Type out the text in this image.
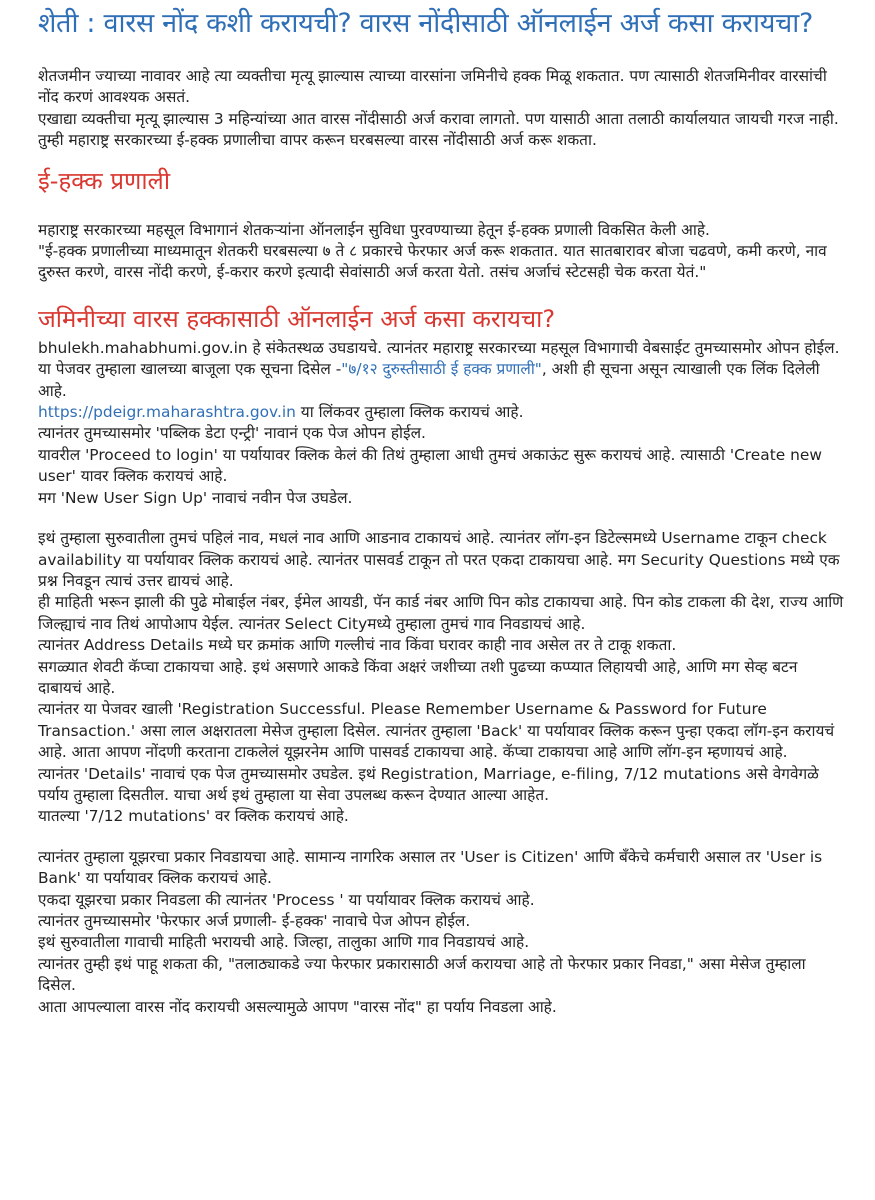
शेती : वारस नोंद कशी करायची? वारस नोंदीसाठी ऑनलाईन अर्ज कसा करायचा?

शेतजमीन ज्याच्या नावावर आहे त्या व्यक्तीचा मृत्यू झाल्यास त्याच्या वारसांना जमिनीचे हक्क मिळू शकतात. पण त्यासाठी शेतजमिनीवर वारसांची नोंद करणं आवश्यक असतं.

एखाद्या व्यक्तीचा मृत्यू झाल्यास 3 महिन्यांच्या आत वारस नोंदीसाठी अर्ज करावा लागतो. पण यासाठी आता तलाठी कार्यालयात जायची गरज नाही.

तुम्ही महाराष्ट्र सरकारच्या ई-हक्क प्रणालीचा वापर करून घरबसल्या वारस नोंदीसाठी अर्ज करू शकता.

ई-हक्क प्रणाली

महाराष्ट्र सरकारच्या महसूल विभागानं शेतकऱ्यांना ऑनलाईन सुविधा पुरवण्याच्या हेतून ई-हक्क प्रणाली विकसित केली आहे.

"ई-हक्क प्रणालीच्या माध्यमातून शेतकरी घरबसल्या ७ ते ८ प्रकारचे फेरफार अर्ज करू शकतात. यात सातबारावर बोजा चढवणे, कमी करणे, नाव दुरुस्त करणे, वारस नोंदी करणे, ई-करार करणे इत्यादी सेवांसाठी अर्ज करता येतो. तसंच अर्जाचं स्टेटसही चेक करता येतं."

जमिनीच्या वारस हक्कासाठी ऑनलाईन अर्ज कसा करायचा?

bhulekh.mahabhumi.gov.in हे संकेतस्थळ उघडायचे. त्यानंतर महाराष्ट्र सरकारच्या महसूल विभागाची वेबसाईट तुमच्यासमोर ओपन होईल.

या पेजवर तुम्हाला खालच्या बाजूला एक सूचना दिसेल -"७/१२ दुरुस्तीसाठी ई हक्क प्रणाली", अशी ही सूचना असून त्याखाली एक लिंक दिलेली आहे.

https://pdeigr.maharashtra.gov.in या लिंकवर तुम्हाला क्लिक करायचं आहे.

त्यानंतर तुमच्यासमोर 'पब्लिक डेटा एन्ट्री' नावानं एक पेज ओपन होईल.

यावरील 'Proceed to login' या पर्यायावर क्लिक केलं की तिथं तुम्हाला आधी तुमचं अकाऊंट सुरू करायचं आहे. त्यासाठी 'Create new user' यावर क्लिक करायचं आहे.

मग 'New User Sign Up' नावाचं नवीन पेज उघडेल.

इथं तुम्हाला सुरुवातीला तुमचं पहिलं नाव, मधलं नाव आणि आडनाव टाकायचं आहे. त्यानंतर लॉग-इन डिटेल्समध्ये Username टाकून check availability या पर्यायावर क्लिक करायचं आहे. त्यानंतर पासवर्ड टाकून तो परत एकदा टाकायचा आहे. मग Security Questions मध्ये एक प्रश्न निवडून त्याचं उत्तर द्यायचं आहे.

ही माहिती भरून झाली की पुढे मोबाईल नंबर, ईमेल आयडी, पॅन कार्ड नंबर आणि पिन कोड टाकायचा आहे. पिन कोड टाकला की देश, राज्य आणि जिल्ह्याचं नाव तिथं आपोआप येईल. त्यानंतर Select Cityमध्ये तुम्हाला तुमचं गाव निवडायचं आहे.

त्यानंतर Address Details मध्ये घर क्रमांक आणि गल्लीचं नाव किंवा घरावर काही नाव असेल तर ते टाकू शकता.

सगळ्यात शेवटी कॅप्चा टाकायचा आहे. इथं असणारे आकडे किंवा अक्षरं जशीच्या तशी पुढच्या कप्प्यात लिहायची आहे, आणि मग सेव्ह बटन दाबायचं आहे.

त्यानंतर या पेजवर खाली 'Registration Successful. Please Remember Username & Password for Future Transaction.' असा लाल अक्षरातला मेसेज तुम्हाला दिसेल. त्यानंतर तुम्हाला 'Back' या पर्यायावर क्लिक करून पुन्हा एकदा लॉग-इन करायचं आहे. आता आपण नोंदणी करताना टाकलेलं यूझरनेम आणि पासवर्ड टाकायचा आहे. कॅप्चा टाकायचा आहे आणि लॉग-इन म्हणायचं आहे.

त्यानंतर 'Details' नावाचं एक पेज तुमच्यासमोर उघडेल. इथं Registration, Marriage, e-filing, 7/12 mutations असे वेगवेगळे पर्याय तुम्हाला दिसतील. याचा अर्थ इथं तुम्हाला या सेवा उपलब्ध करून देण्यात आल्या आहेत.

यातल्या '7/12 mutations' वर क्लिक करायचं आहे.

त्यानंतर तुम्हाला यूझरचा प्रकार निवडायचा आहे. सामान्य नागरिक असाल तर 'User is Citizen' आणि बँकेचे कर्मचारी असाल तर 'User is Bank' या पर्यायावर क्लिक करायचं आहे.

एकदा यूझरचा प्रकार निवडला की त्यानंतर 'Process ' या पर्यायावर क्लिक करायचं आहे.

त्यानंतर तुमच्यासमोर 'फेरफार अर्ज प्रणाली- ई-हक्क' नावाचे पेज ओपन होईल.

इथं सुरुवातीला गावाची माहिती भरायची आहे. जिल्हा, तालुका आणि गाव निवडायचं आहे.

त्यानंतर तुम्ही इथं पाहू शकता की, "तलाठ्याकडे ज्या फेरफार प्रकारासाठी अर्ज करायचा आहे तो फेरफार प्रकार निवडा," असा मेसेज तुम्हाला दिसेल.

आता आपल्याला वारस नोंद करायची असल्यामुळे आपण "वारस नोंद" हा पर्याय निवडला आहे.
